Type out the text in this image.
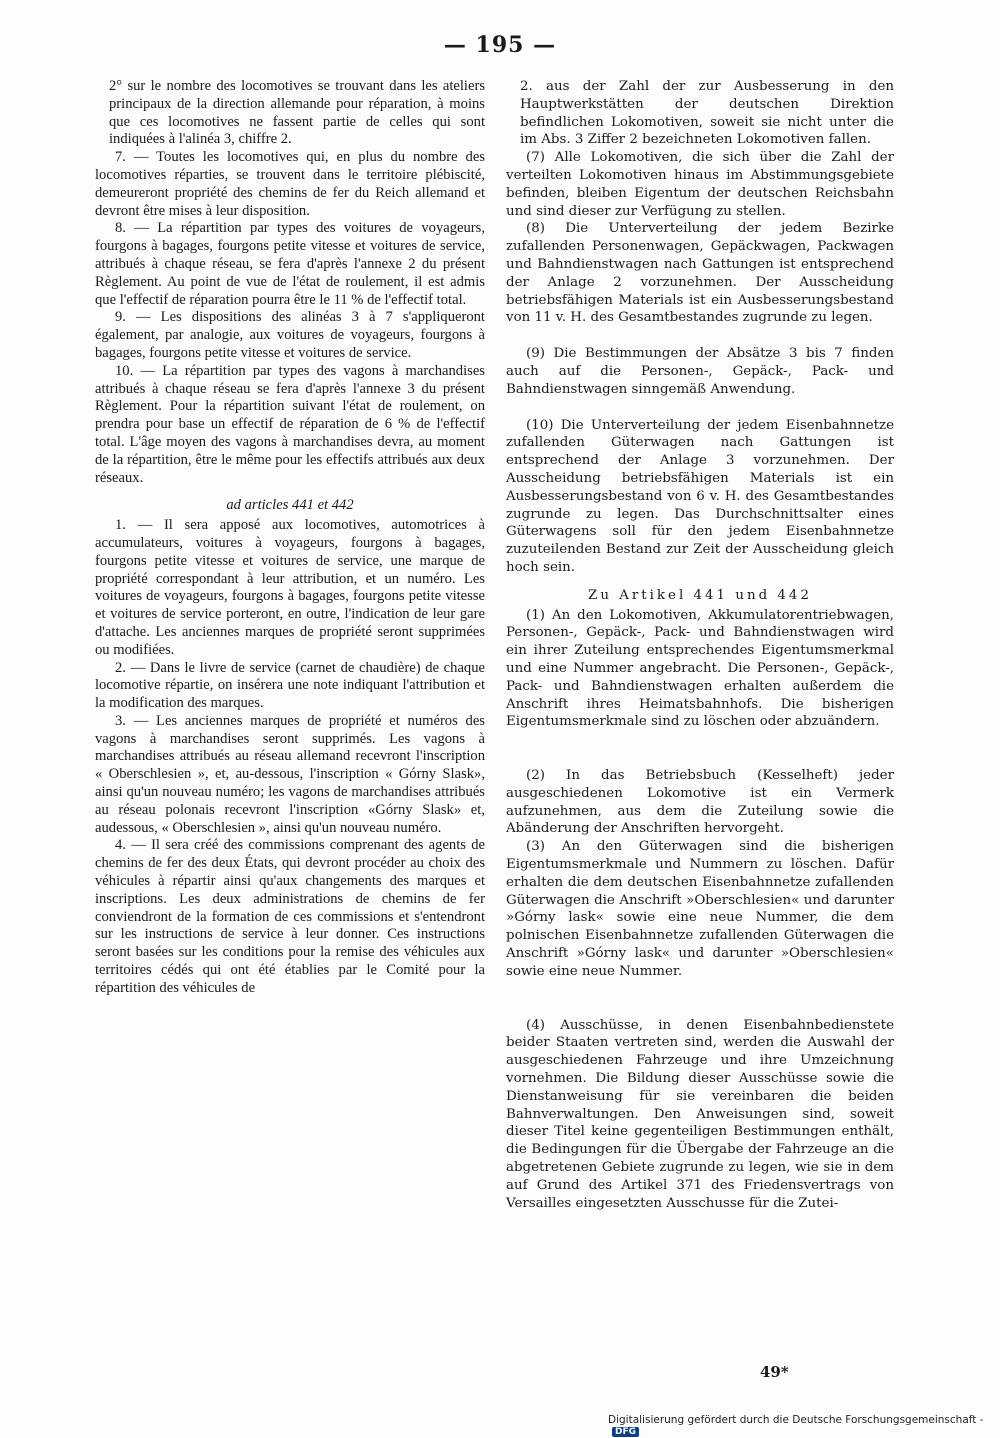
— 195 —

2° sur le nombre des locomotives se trouvant dans les ateliers principaux de la direction allemande pour réparation, à moins que ces locomotives ne fassent partie de celles qui sont indiquées à l'alinéa 3, chiffre 2.

7. — Toutes les locomotives qui, en plus du nombre des locomotives réparties, se trouvent dans le territoire plébiscité, demeureront propriété des chemins de fer du Reich allemand et devront être mises à leur disposition.

8. — La répartition par types des voitures de voyageurs, fourgons à bagages, fourgons petite vitesse et voitures de service, attribués à chaque réseau, se fera d'après l'annexe 2 du présent Règlement. Au point de vue de l'état de roulement, il est admis que l'effectif de réparation pourra être le 11 % de l'effectif total.

9. — Les dispositions des alinéas 3 à 7 s'appliqueront également, par analogie, aux voitures de voyageurs, fourgons à bagages, fourgons petite vitesse et voitures de service.

10. — La répartition par types des vagons à marchandises attribués à chaque réseau se fera d'après l'annexe 3 du présent Règlement. Pour la répartition suivant l'état de roulement, on prendra pour base un effectif de réparation de 6 % de l'effectif total. L'âge moyen des vagons à marchandises devra, au moment de la répartition, être le même pour les effectifs attribués aux deux réseaux.

ad articles 441 et 442

1. — Il sera apposé aux locomotives, automotrices à accumulateurs, voitures à voyageurs, fourgons à bagages, fourgons petite vitesse et voitures de service, une marque de propriété correspondant à leur attribution, et un numéro. Les voitures de voyageurs, fourgons à bagages, fourgons petite vitesse et voitures de service porteront, en outre, l'indication de leur gare d'attache. Les anciennes marques de propriété seront supprimées ou modifiées.

2. — Dans le livre de service (carnet de chaudière) de chaque locomotive répartie, on insérera une note indiquant l'attribution et la modification des marques.

3. — Les anciennes marques de propriété et numéros des vagons à marchandises seront supprimés. Les vagons à marchandises attribués au réseau allemand recevront l'inscription « Oberschlesien », et, au-dessous, l'inscription « Górny Slask», ainsi qu'un nouveau numéro; les vagons de marchandises attribués au réseau polonais recevront l'inscription «Górny Slask» et, audessous, « Oberschlesien », ainsi qu'un nouveau numéro.

4. — Il sera créé des commissions comprenant des agents de chemins de fer des deux États, qui devront procéder au choix des véhicules à répartir ainsi qu'aux changements des marques et inscriptions. Les deux administrations de chemins de fer conviendront de la formation de ces commissions et s'entendront sur les instructions de service à leur donner. Ces instructions seront basées sur les conditions pour la remise des véhicules aux territoires cédés qui ont été établies par le Comité pour la répartition des véhicules de

2. aus der Zahl der zur Ausbesserung in den Hauptwerkstätten der deutschen Direktion befindlichen Lokomotiven, soweit sie nicht unter die im Abs. 3 Ziffer 2 bezeichneten Lokomotiven fallen.

(7) Alle Lokomotiven, die sich über die Zahl der verteilten Lokomotiven hinaus im Abstimmungsgebiete befinden, bleiben Eigentum der deutschen Reichsbahn und sind dieser zur Verfügung zu stellen.

(8) Die Unterverteilung der jedem Bezirke zufallenden Personenwagen, Gepäckwagen, Packwagen und Bahndienstwagen nach Gattungen ist entsprechend der Anlage 2 vorzunehmen. Der Ausscheidung betriebsfähigen Materials ist ein Ausbesserungsbestand von 11 v. H. des Gesamtbestandes zugrunde zu legen.

(9) Die Bestimmungen der Absätze 3 bis 7 finden auch auf die Personen-, Gepäck-, Pack- und Bahndienstwagen sinngemäß Anwendung.

(10) Die Unterverteilung der jedem Eisenbahnnetze zufallenden Güterwagen nach Gattungen ist entsprechend der Anlage 3 vorzunehmen. Der Ausscheidung betriebsfähigen Materials ist ein Ausbesserungsbestand von 6 v. H. des Gesamtbestandes zugrunde zu legen. Das Durchschnittsalter eines Güterwagens soll für den jedem Eisenbahnnetze zuzuteilenden Bestand zur Zeit der Ausscheidung gleich hoch sein.

Zu Artikel 441 und 442

(1) An den Lokomotiven, Akkumulatorentriebwagen, Personen-, Gepäck-, Pack- und Bahndienstwagen wird ein ihrer Zuteilung entsprechendes Eigentumsmerkmal und eine Nummer angebracht. Die Personen-, Gepäck-, Pack- und Bahndienstwagen erhalten außerdem die Anschrift ihres Heimatsbahnhofs. Die bisherigen Eigentumsmerkmale sind zu löschen oder abzuändern.

(2) In das Betriebsbuch (Kesselheft) jeder ausgeschiedenen Lokomotive ist ein Vermerk aufzunehmen, aus dem die Zuteilung sowie die Abänderung der Anschriften hervorgeht.

(3) An den Güterwagen sind die bisherigen Eigentumsmerkmale und Nummern zu löschen. Dafür erhalten die dem deutschen Eisenbahnnetze zufallenden Güterwagen die Anschrift »Oberschlesien« und darunter »Górny lask« sowie eine neue Nummer, die dem polnischen Eisenbahnnetze zufallenden Güterwagen die Anschrift »Górny lask« und darunter »Oberschlesien« sowie eine neue Nummer.

(4) Ausschüsse, in denen Eisenbahnbedienstete beider Staaten vertreten sind, werden die Auswahl der ausgeschiedenen Fahrzeuge und ihre Umzeichnung vornehmen. Die Bildung dieser Ausschüsse sowie die Dienstanweisung für sie vereinbaren die beiden Bahnverwaltungen. Den Anweisungen sind, soweit dieser Titel keine gegenteiligen Bestimmungen enthält, die Bedingungen für die Übergabe der Fahrzeuge an die abgetretenen Gebiete zugrunde zu legen, wie sie in dem auf Grund des Artikel 371 des Friedensvertrags von Versailles eingesetzten Ausschusse für die Zutei-

49*
Digitalisierung gefördert durch die Deutsche Forschungsgemeinschaft - DFG
